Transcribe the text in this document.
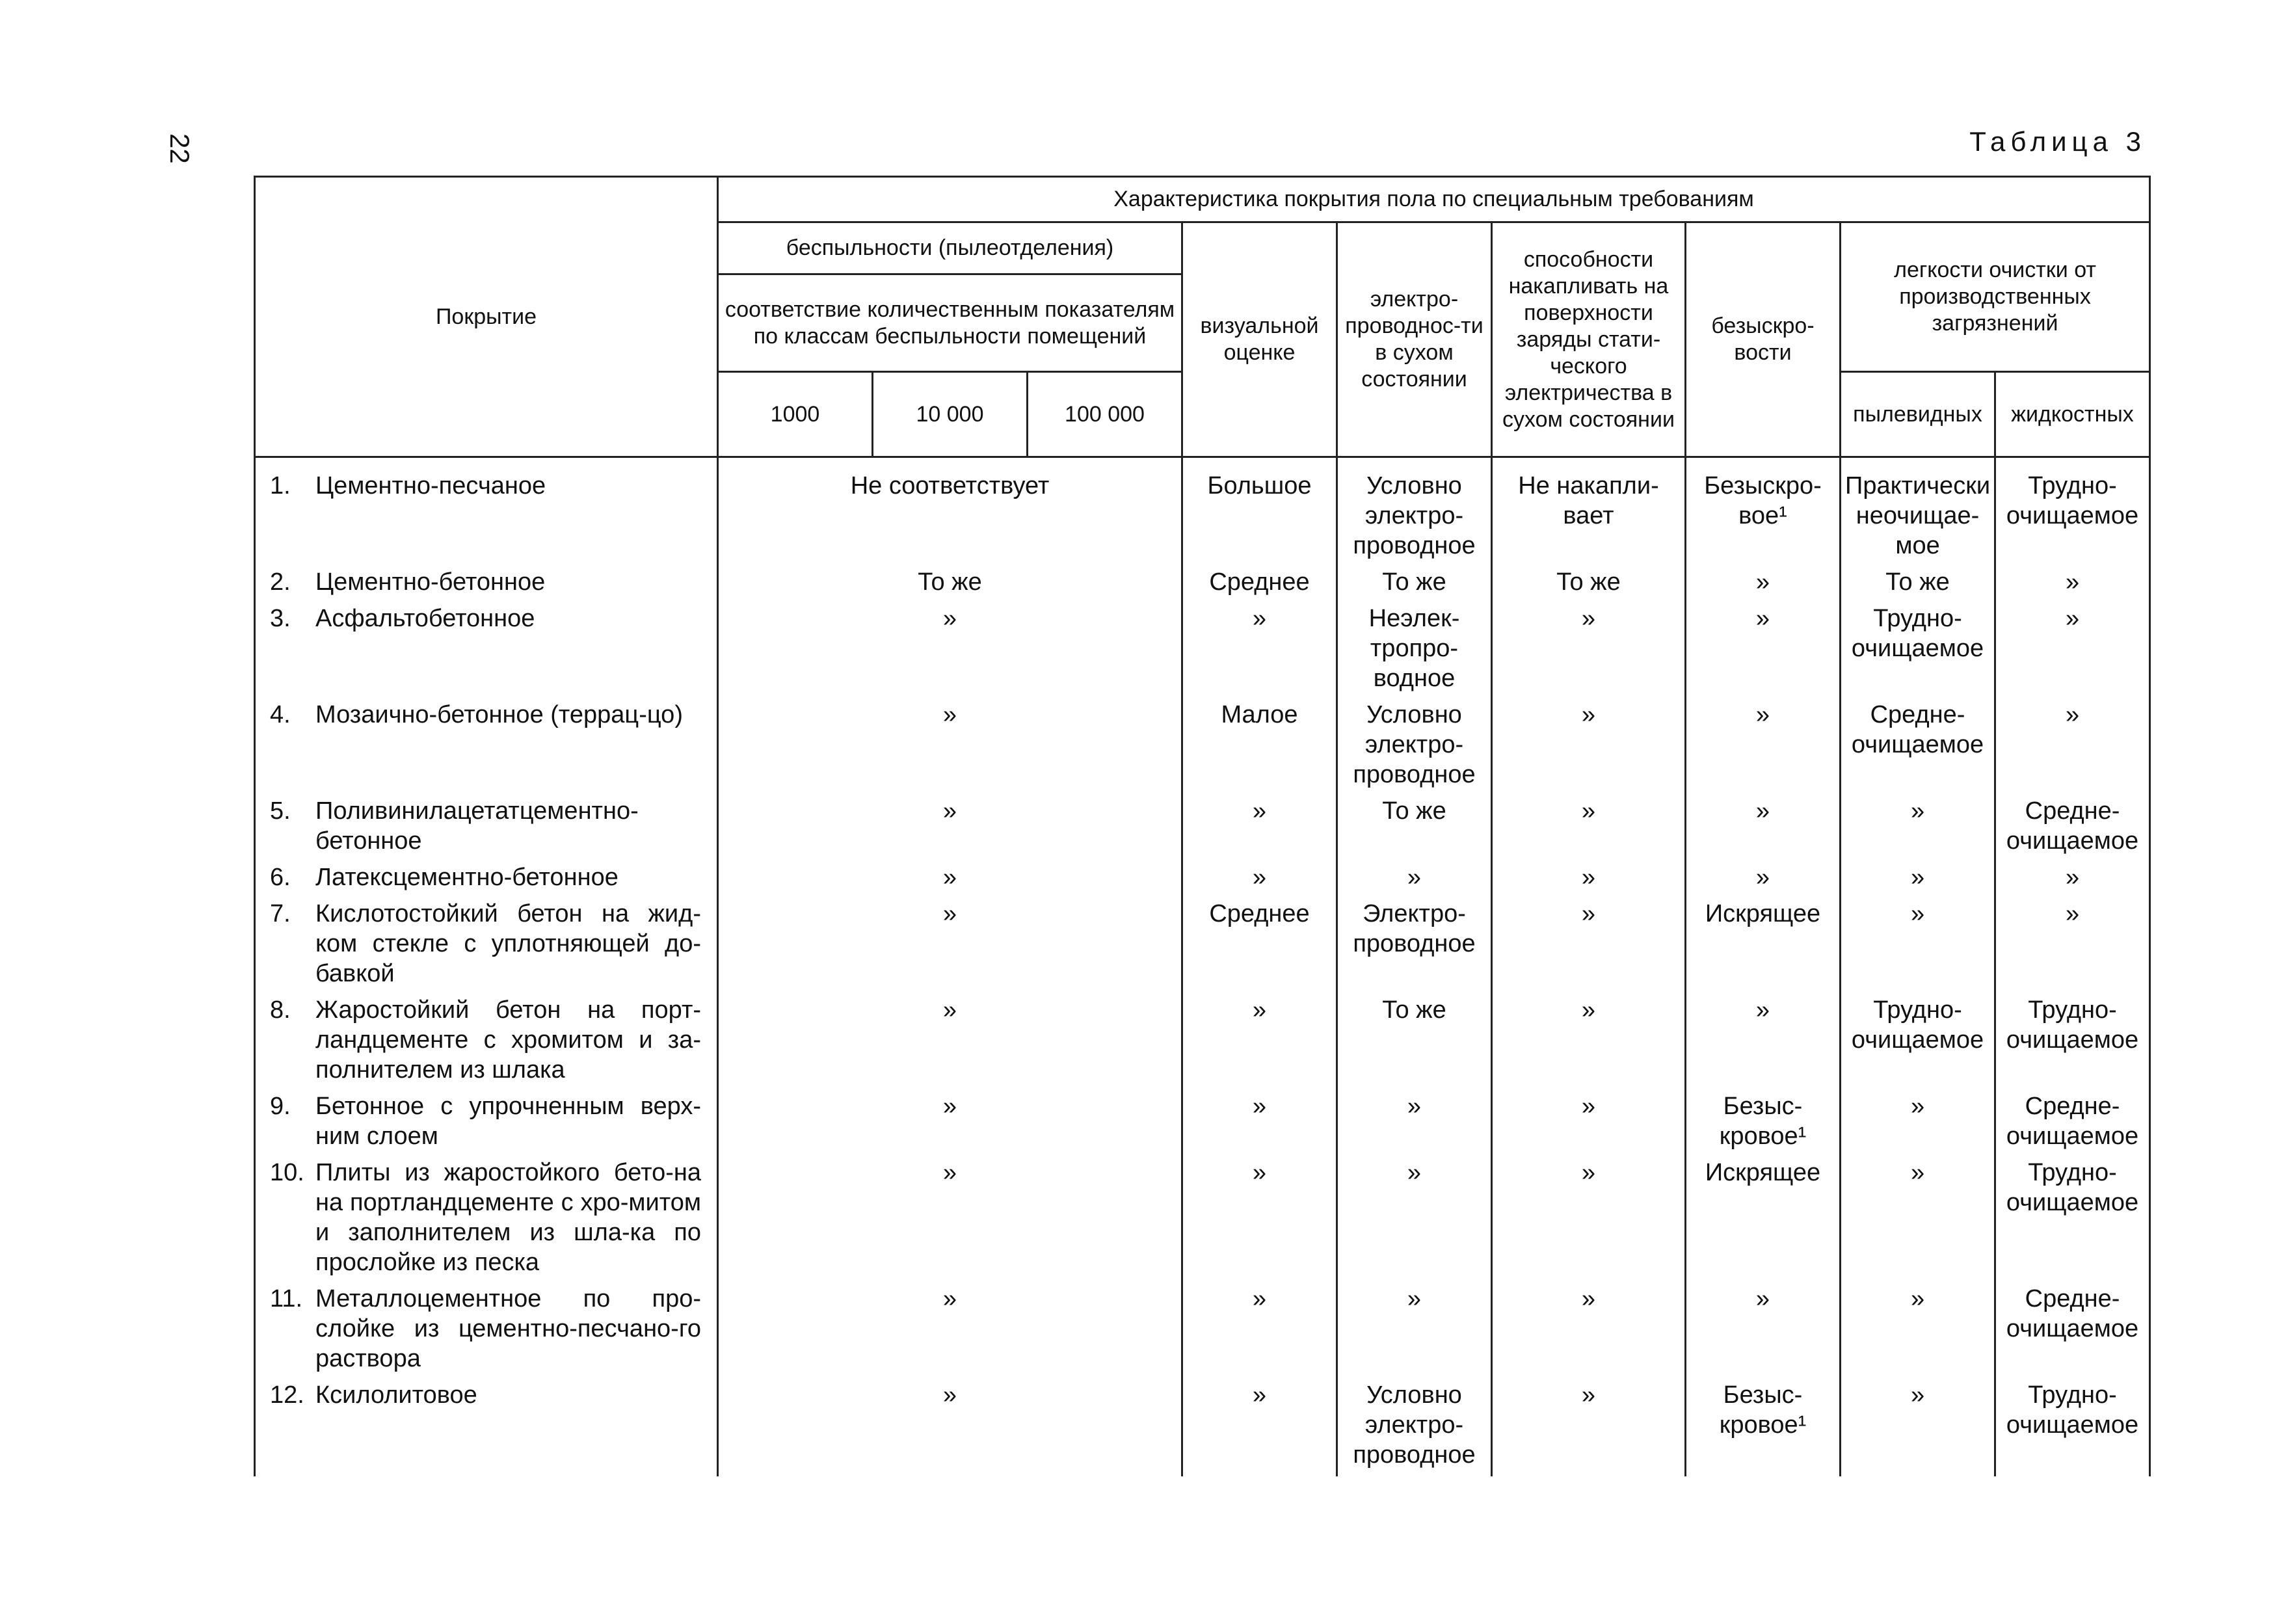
22	Таблица 3
Покрытие	Характеристика покрытия пола по специальным требованиям								
	беспыльности (пылеотделения)			визуальной оценке	электро-проводнос-ти в сухом состоянии	способности накапливать на поверхности заряды стати-ческого электричества в сухом состоянии	безыскро-вости	легкости очистки от производственных загрязнений	
	соответствие количественным показателям по классам беспыльности помещений								
	1000	10 000	100 000					пылевидных	жидкостных

1. Цементно-песчаное	Не соответствует			Большое	Условно электро-проводное	Не накапли-вает	Безыскро-вое¹	Практически неочищае-мое	Трудно-очищаемое

2. Цементно-бетонное	То же			Среднее	То же	То же	»	То же	»

3. Асфальтобетонное	»			»	Неэлек-тропро-водное	»	»	Трудно-очищаемое	»

4. Мозаично-бетонное (террац-цо)	»			Малое	Условно электро-проводное	»	»	Средне-очищаемое	»

5. Поливинилацетатцементно-бетонное	»			»	То же	»	»	»	Средне-очищаемое

6. Латексцементно-бетонное	»			»	»	»	»	»	»

7. Кислотостойкий бетон на жид-ком стекле с уплотняющей до-бавкой	»			Среднее	Электро-проводное	»	Искрящее	»	»

8. Жаростойкий бетон на порт-ландцементе с хромитом и за-полнителем из шлака	»			»	То же	»	»	Трудно-очищаемое	Трудно-очищаемое

9. Бетонное с упрочненным верх-ним слоем	»			»	»	»	Безыс-кровое¹	»	Средне-очищаемое

10. Плиты из жаростойкого бето-на на портландцементе с хро-митом и заполнителем из шла-ка по прослойке из песка	»			»	»	»	Искрящее	»	Трудно-очищаемое

11. Металлоцементное по про-слойке из цементно-песчано-го раствора	»			»	»	»	»	»	Средне-очищаемое

12. Ксилолитовое	»			»	Условно электро-проводное	»	Безыс-кровое¹	»	Трудно-очищаемое
